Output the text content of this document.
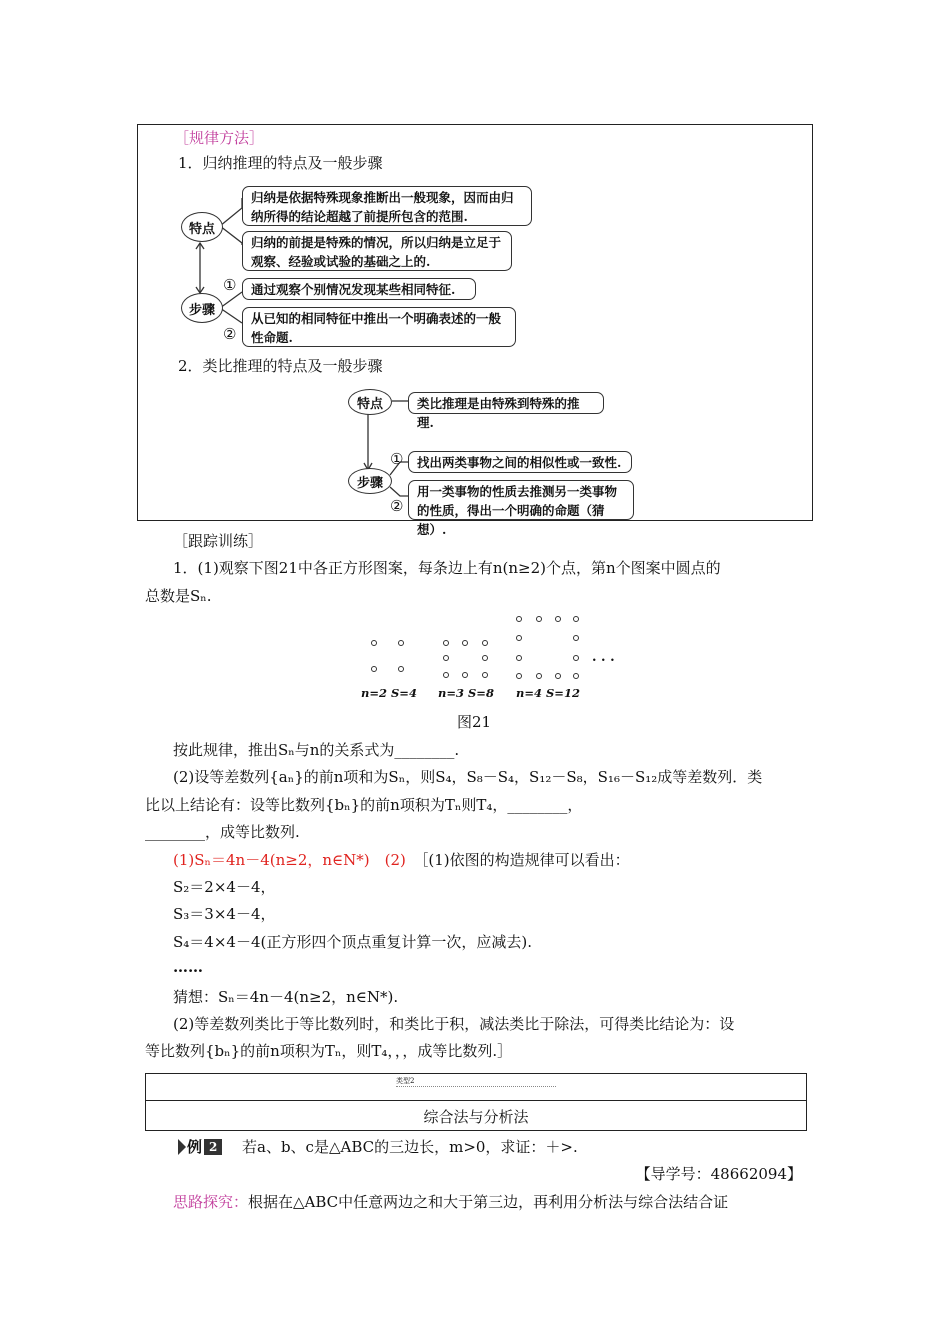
［规律方法］
1．归纳推理的特点及一般步骤
特点
步骤
归纳是依据特殊现象推断出一般现象，因而由归纳所得的结论超越了前提所包含的范围.
归纳的前提是特殊的情况，所以归纳是立足于观察、经验或试验的基础之上的.
①	通过观察个别情况发现某些相同特征.
②
从已知的相同特征中推出一个明确表述的一般性命题.
2．类比推理的特点及一般步骤
特点	类比推理是由特殊到特殊的推理.
步骤
①	找出两类事物之间的相似性或一致性.
②
用一类事物的性质去推测另一类事物的性质，得出一个明确的命题（猜想）.
［跟踪训练］
1．(1)观察下图21中各正方形图案，每条边上有n(n≥2)个点，第n个图案中圆点的
总数是Sₙ.
. . .
n=2 S=4 n=3 S=8 n=4 S=12
图21
按此规律，推出Sₙ与n的关系式为________.
(2)设等差数列{aₙ}的前n项和为Sₙ，则S₄，S₈－S₄，S₁₂－S₈，S₁₆－S₁₂成等差数列．类
比以上结论有：设等比数列{bₙ}的前n项积为Tₙ则T₄，________，
________，成等比数列.
(1)Sₙ＝4n－4(n≥2，n∈N*)　(2)　 ［(1)依图的构造规律可以看出：
S₂＝2×4－4，
S₃＝3×4－4，
S₄＝4×4－4(正方形四个顶点重复计算一次，应减去).
……
猜想：Sₙ＝4n－4(n≥2，n∈N*).
(2)等差数列类比于等比数列时，和类比于积，减法类比于除法，可得类比结论为：设
等比数列{bₙ}的前n项积为Tₙ，则T₄，，，成等比数列.］
类型2
综合法与分析法
例 2	若a、b、c是△ABC的三边长，m>0，求证：＋>.
【导学号：48662094】
思路探究：根据在△ABC中任意两边之和大于第三边，再利用分析法与综合法结合证
